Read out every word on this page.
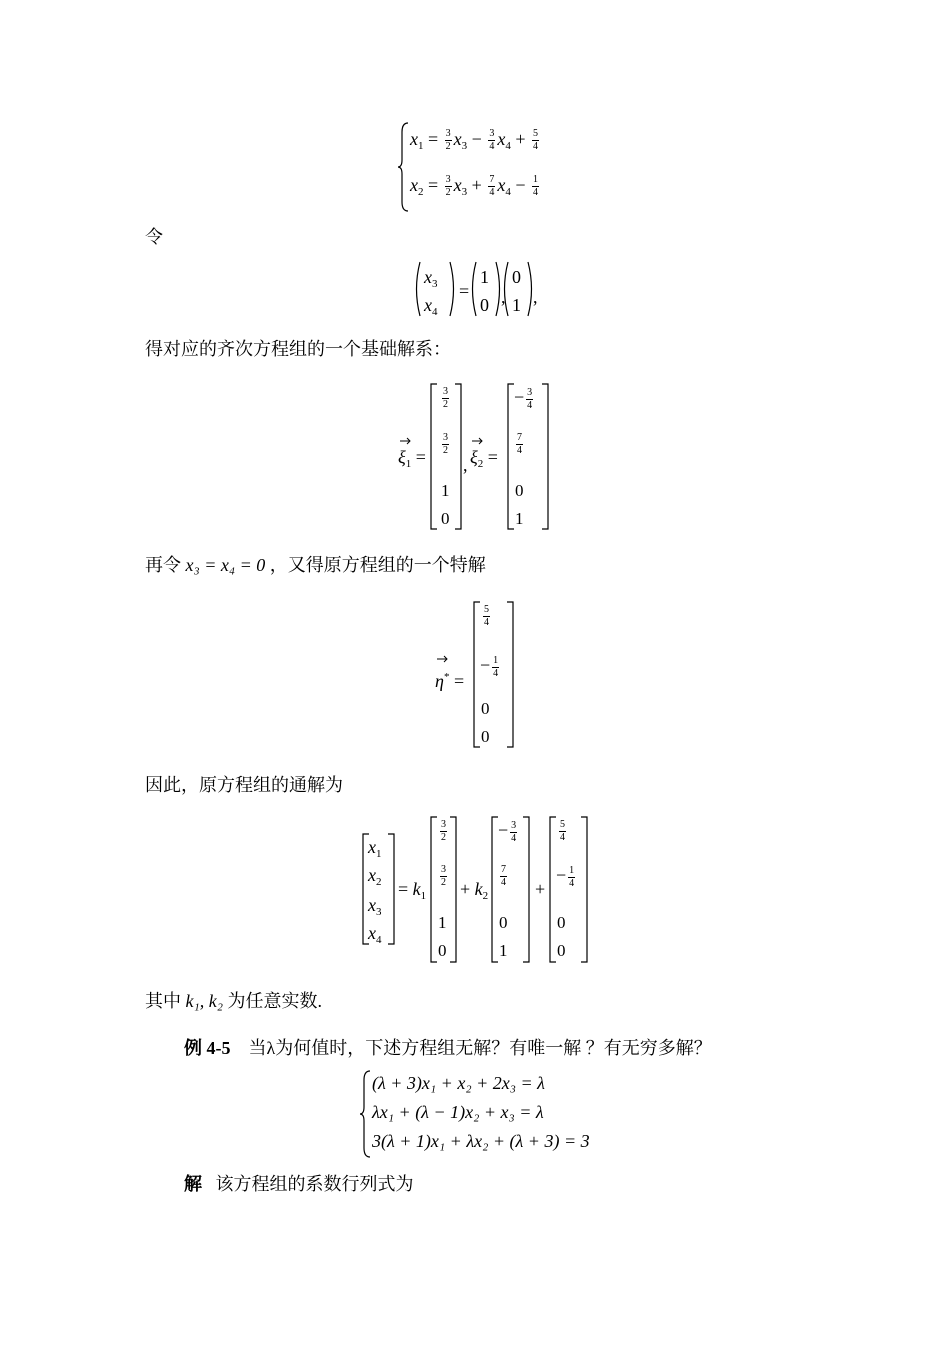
$x_1 = \frac{3}{2} x_3 - \frac{3}{4} x_4 + \frac{5}{4}$
$x_2 = \frac{3}{2} x_3 + \frac{7}{4} x_4 - \frac{1}{4}$
令
$x_3$
$x_4$
=
1
0 ,
0
1 ,
得对应的齐次方程组的一个基础解系：
$\xi_1$ =
$\frac{3}{2}$
$\frac{3}{2}$
1
0
, $\xi_2$ =
− $\frac{3}{4}$
$\frac{7}{4}$
0
1
再令 x₃ = x₄ = 0 ，又得原方程组的一个特解
η* =
$\frac{5}{4}$
− $\frac{1}{4}$
0
0
因此，原方程组的通解为
$x_1$
$x_2$
$x_3$
$x_4$
= $k_1$
$\frac{3}{2}$
$\frac{3}{2}$
1
0
+ $k_2$
− $\frac{3}{4}$
$\frac{7}{4}$
0
1
+
$\frac{5}{4}$
− $\frac{1}{4}$
0
0
其中 k₁, k₂ 为任意实数.
例 4-5 当λ为何值时，下述方程组无解？有唯一解 ？有无穷多解？
(λ + 3)x₁ + x₂ + 2x₃ = λ
λx₁ + (λ − 1)x₂ + x₃ = λ
3(λ + 1)x₁ + λx₂ + (λ + 3) = 3
解 该方程组的系数行列式为
